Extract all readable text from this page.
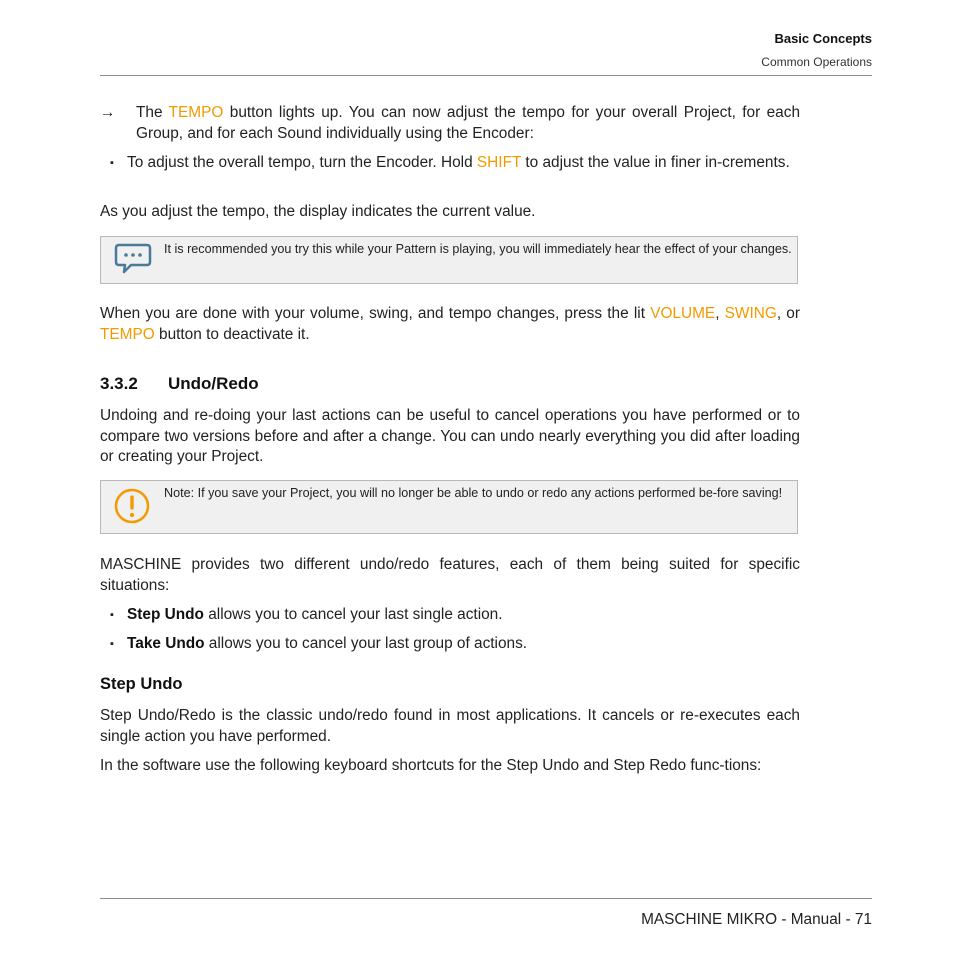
Basic Concepts
Common Operations
→ The TEMPO button lights up. You can now adjust the tempo for your overall Project, for each Group, and for each Sound individually using the Encoder:
▪ To adjust the overall tempo, turn the Encoder. Hold SHIFT to adjust the value in finer in-crements.
As you adjust the tempo, the display indicates the current value.
It is recommended you try this while your Pattern is playing, you will immediately hear the effect of your changes.
When you are done with your volume, swing, and tempo changes, press the lit VOLUME, SWING, or TEMPO button to deactivate it.
3.3.2 Undo/Redo
Undoing and re-doing your last actions can be useful to cancel operations you have performed or to compare two versions before and after a change. You can undo nearly everything you did after loading or creating your Project.
Note: If you save your Project, you will no longer be able to undo or redo any actions performed be-fore saving!
MASCHINE provides two different undo/redo features, each of them being suited for specific situations:
▪ Step Undo allows you to cancel your last single action.
▪ Take Undo allows you to cancel your last group of actions.
Step Undo
Step Undo/Redo is the classic undo/redo found in most applications. It cancels or re-executes each single action you have performed.
In the software use the following keyboard shortcuts for the Step Undo and Step Redo func-tions:
MASCHINE MIKRO - Manual - 71
